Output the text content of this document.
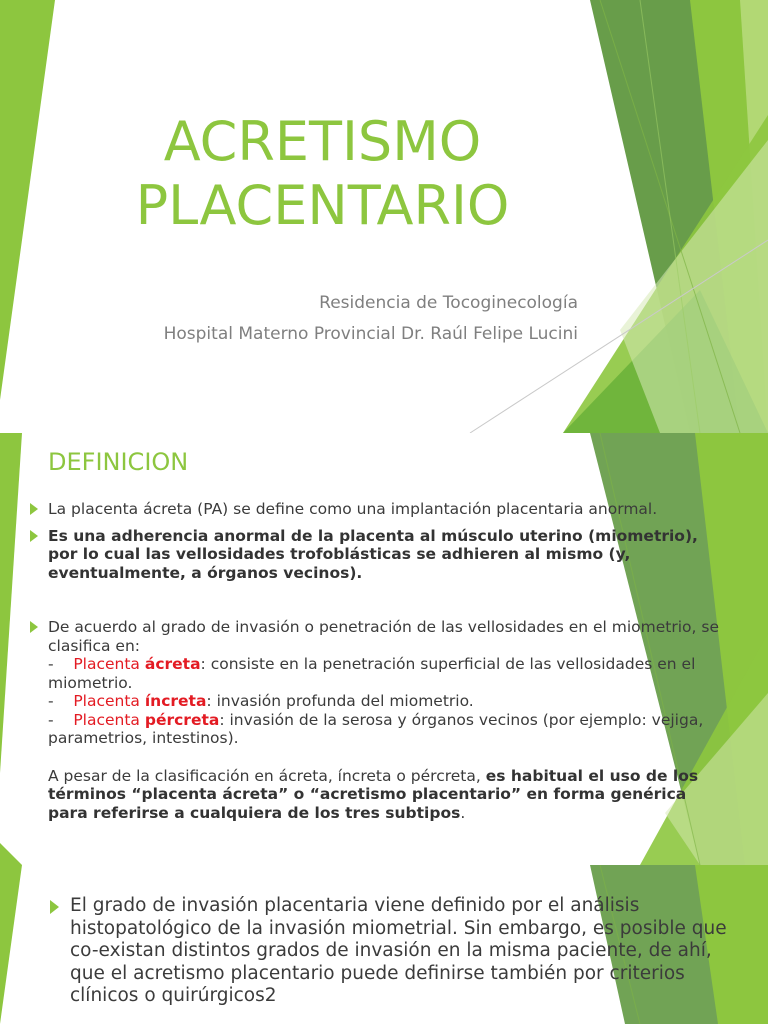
ACRETISMO
PLACENTARIO
Residencia de Tocoginecología
Hospital Materno Provincial Dr. Raúl Felipe Lucini
DEFINICION
La placenta ácreta (PA) se define como una implantación placentaria anormal.
Es una adherencia anormal de la placenta al músculo uterino (miometrio), por lo cual las vellosidades trofoblásticas se adhieren al mismo (y, eventualmente, a órganos vecinos).
De acuerdo al grado de invasión o penetración de las vellosidades en el miometrio, se clasifica en:
- Placenta ácreta: consiste en la penetración superficial de las vellosidades en el miometrio.
- Placenta íncreta: invasión profunda del miometrio.
- Placenta pércreta: invasión de la serosa y órganos vecinos (por ejemplo: vejiga, parametrios, intestinos).
A pesar de la clasificación en ácreta, íncreta o pércreta, es habitual el uso de los términos “placenta ácreta” o “acretismo placentario” en forma genérica para referirse a cualquiera de los tres subtipos.
El grado de invasión placentaria viene definido por el análisis histopatológico de la invasión miometrial. Sin embargo, es posible que co-existan distintos grados de invasión en la misma paciente, de ahí, que el acretismo placentario puede definirse también por criterios clínicos o quirúrgicos2
